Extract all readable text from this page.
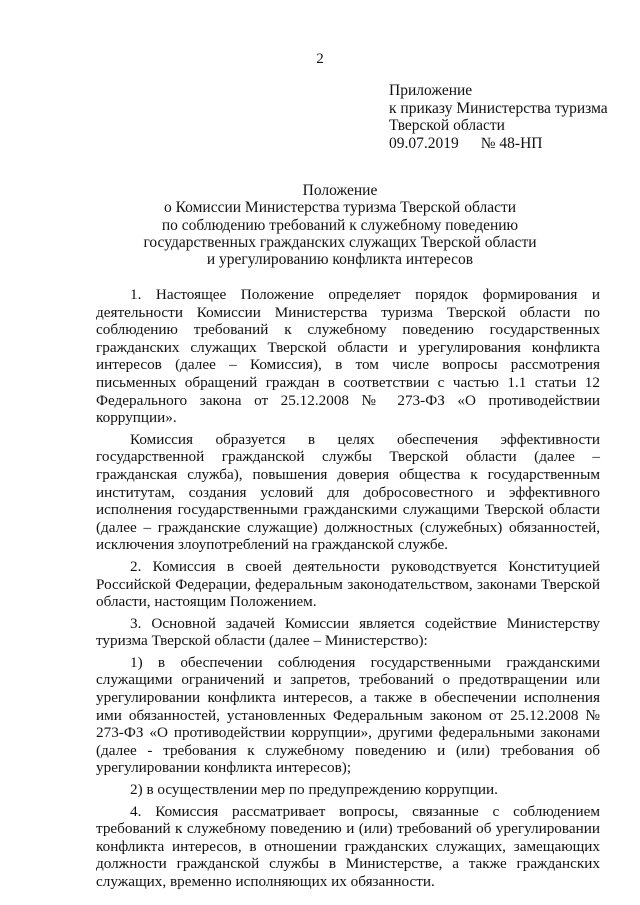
2
Приложение
к приказу Министерства туризма
Тверской области
09.07.2019 № 48-НП
Положение
о Комиссии Министерства туризма Тверской области
по соблюдению требований к служебному поведению
государственных гражданских служащих Тверской области
и урегулированию конфликта интересов

1. Настоящее Положение определяет порядок формирования и деятельности Комиссии Министерства туризма Тверской области по соблюдению требований к служебному поведению государственных гражданских служащих Тверской области и урегулирования конфликта интересов (далее – Комиссия), в том числе вопросы рассмотрения письменных обращений граждан в соответствии с частью 1.1 статьи 12 Федерального закона от 25.12.2008 № 273-ФЗ «О противодействии коррупции».

Комиссия образуется в целях обеспечения эффективности государственной гражданской службы Тверской области (далее – гражданская служба), повышения доверия общества к государственным институтам, создания условий для добросовестного и эффективного исполнения государственными гражданскими служащими Тверской области (далее – гражданские служащие) должностных (служебных) обязанностей, исключения злоупотреблений на гражданской службе.

2. Комиссия в своей деятельности руководствуется Конституцией Российской Федерации, федеральным законодательством, законами Тверской области, настоящим Положением.

3. Основной задачей Комиссии является содействие Министерству туризма Тверской области (далее – Министерство):

1) в обеспечении соблюдения государственными гражданскими служащими ограничений и запретов, требований о предотвращении или урегулировании конфликта интересов, а также в обеспечении исполнения ими обязанностей, установленных Федеральным законом от 25.12.2008 № 273-ФЗ «О противодействии коррупции», другими федеральными законами (далее - требования к служебному поведению и (или) требования об урегулировании конфликта интересов);

2) в осуществлении мер по предупреждению коррупции.

4. Комиссия рассматривает вопросы, связанные с соблюдением требований к служебному поведению и (или) требований об урегулировании конфликта интересов, в отношении гражданских служащих, замещающих должности гражданской службы в Министерстве, а также гражданских служащих, временно исполняющих их обязанности.
